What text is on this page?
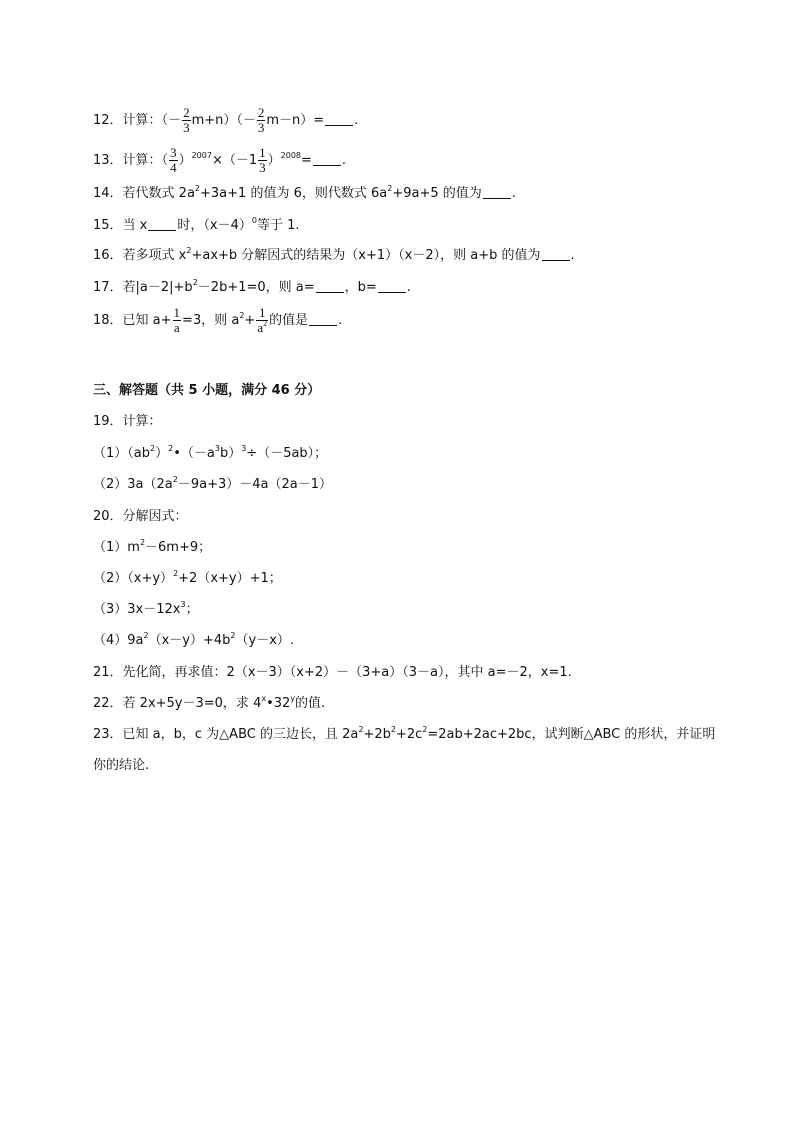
12．计算：（－ $\frac{2}{3} m+n)(- \frac{2}{3} m-n)=$ .
13．计算：（ $\frac{3}{4} )^{2007}\times(-1 \frac{1}{3} )^{2008}=$ .
14．若代数式 $2a^2+3a+1$ 的值为 6，则代数式 $6a^2+9a+5$ 的值为 .
15．当 x 时，$(x-4)^0$等于 1.
16．若多项式 $x^2+ax+b$ 分解因式的结果为（x+1）（x－2），则 a+b 的值为 .
17．若$|a-2|+b^2-2b+1=0$，则 a= ，b= .
18．已知 $a+ \frac{1}{a} =3$，则 $a^2+ \frac{1}{a^2}$ 的值是 .
三、解答题（共 5 小题，满分 46 分）
19．计算：
$(1)(ab^2)^2•(-a^3b)^3\div(-5ab)$；
$(2)3a(2a^2-9a+3)-4a(2a-1)$
20．分解因式：
$(1)m^2-6m+9$；
$(2)(x+y)^2+2(x+y)+1$；
$(3)3x-12x^3$；
$(4)9a^2(x-y)+4b^2(y-x)$.
21．先化简，再求值：2（x－3）（x+2）－（3+a）（3－a），其中 a=－2，x=1.
22．若 2x+5y－3=0，求 4$^x$•32$^y$的值.
23．已知 a，b，c 为△ABC 的三边长，且 $2a^2+2b^2+2c^2=2ab+2ac+2bc$，试判断△ABC 的形状，并证明
你的结论.
